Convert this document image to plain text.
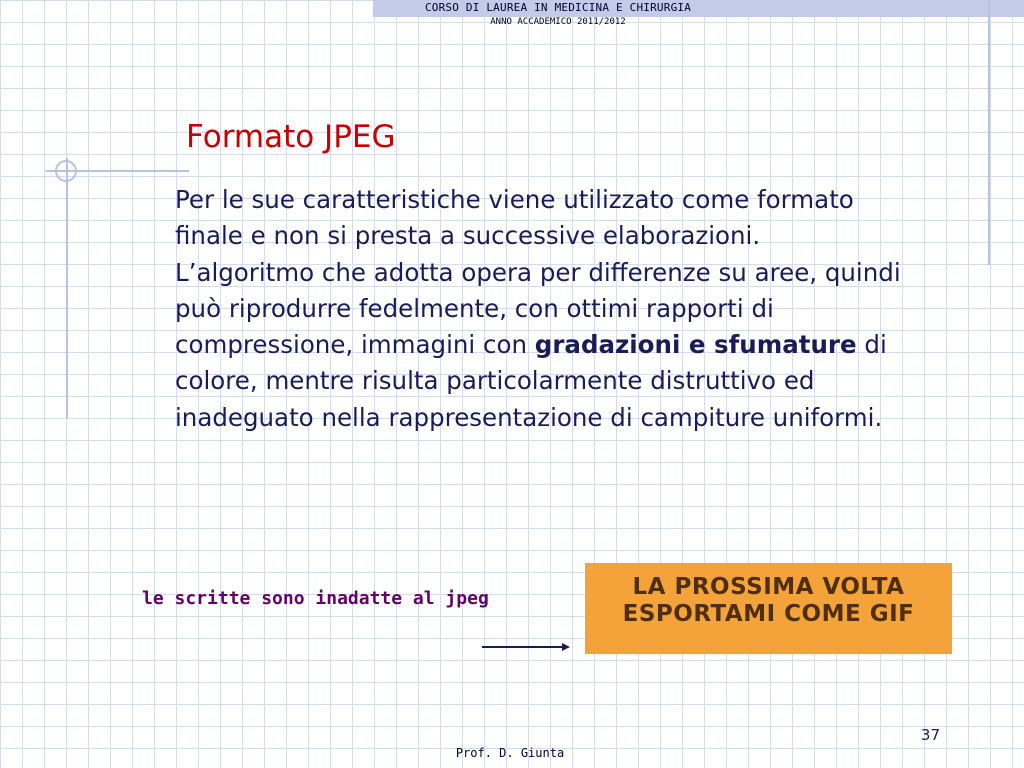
CORSO DI LAUREA IN MEDICINA E CHIRURGIA
ANNO ACCADEMICO 2011/2012
Formato JPEG
Per le sue caratteristiche viene utilizzato come formato finale e non si presta a successive elaborazioni.
L’algoritmo che adotta opera per differenze su aree, quindi può riprodurre fedelmente, con ottimi rapporti di compressione, immagini con gradazioni e sfumature di colore, mentre risulta particolarmente distruttivo ed inadeguato nella rappresentazione di campiture uniformi.
le scritte sono inadatte al jpeg	LA PROSSIMA VOLTA
ESPORTAMI COME GIF
37
Prof. D. Giunta
